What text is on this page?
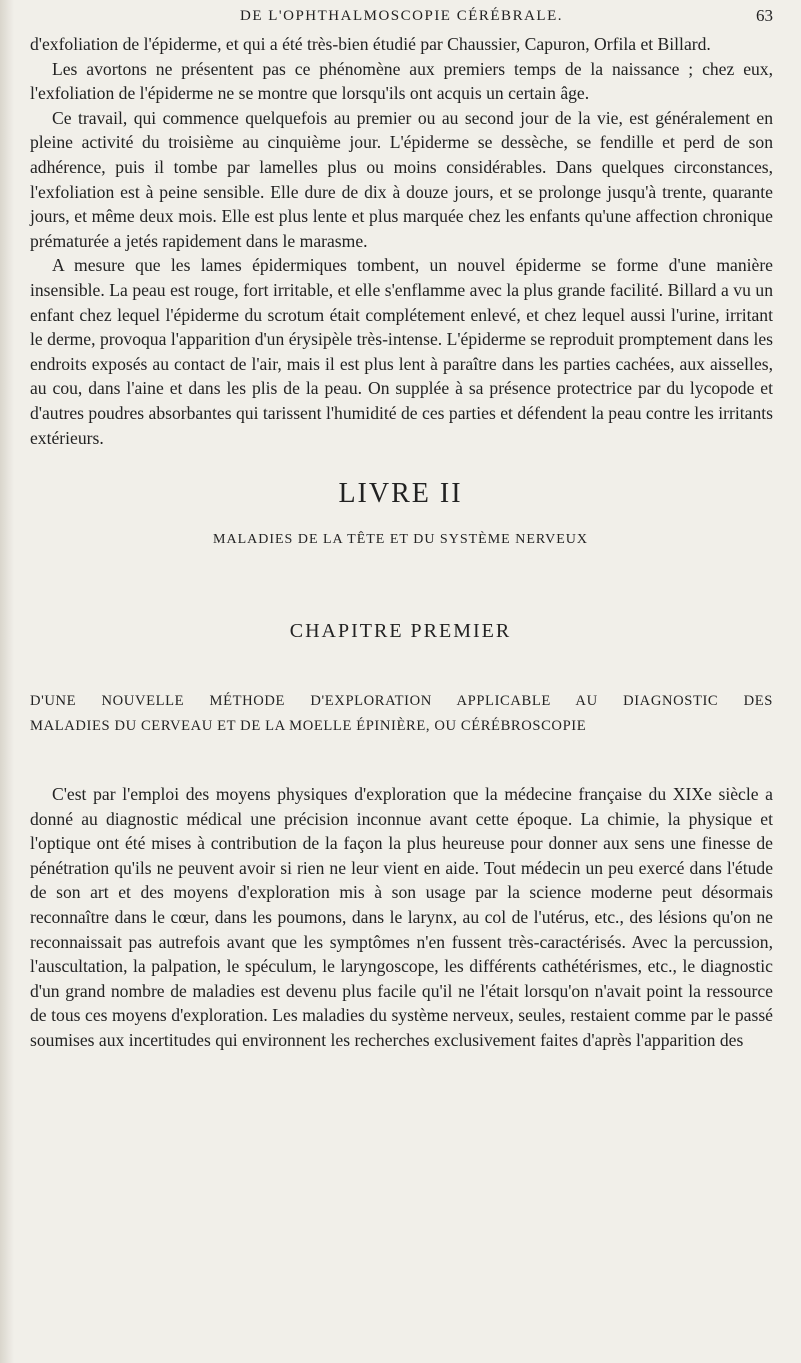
DE L'OPHTHALMOSCOPIE CÉRÉBRALE.	63

d'exfoliation de l'épiderme, et qui a été très-bien étudié par Chaussier, Capuron, Orfila et Billard.

Les avortons ne présentent pas ce phénomène aux premiers temps de la naissance ; chez eux, l'exfoliation de l'épiderme ne se montre que lorsqu'ils ont acquis un certain âge.

Ce travail, qui commence quelquefois au premier ou au second jour de la vie, est généralement en pleine activité du troisième au cinquième jour. L'épiderme se dessèche, se fendille et perd de son adhérence, puis il tombe par lamelles plus ou moins considérables. Dans quelques circonstances, l'exfoliation est à peine sensible. Elle dure de dix à douze jours, et se prolonge jusqu'à trente, quarante jours, et même deux mois. Elle est plus lente et plus marquée chez les enfants qu'une affection chronique prématurée a jetés rapidement dans le marasme.

A mesure que les lames épidermiques tombent, un nouvel épiderme se forme d'une manière insensible. La peau est rouge, fort irritable, et elle s'enflamme avec la plus grande facilité. Billard a vu un enfant chez lequel l'épiderme du scrotum était complétement enlevé, et chez lequel aussi l'urine, irritant le derme, provoqua l'apparition d'un érysipèle très-intense. L'épiderme se reproduit promptement dans les endroits exposés au contact de l'air, mais il est plus lent à paraître dans les parties cachées, aux aisselles, au cou, dans l'aine et dans les plis de la peau. On supplée à sa présence protectrice par du lycopode et d'autres poudres absorbantes qui tarissent l'humidité de ces parties et défendent la peau contre les irritants extérieurs.

LIVRE II
MALADIES DE LA TÊTE ET DU SYSTÈME NERVEUX
CHAPITRE PREMIER
D'UNE NOUVELLE MÉTHODE D'EXPLORATION APPLICABLE AU DIAGNOSTIC DES
MALADIES DU CERVEAU ET DE LA MOELLE ÉPINIÈRE, OU CÉRÉBROSCOPIE

C'est par l'emploi des moyens physiques d'exploration que la médecine française du XIXe siècle a donné au diagnostic médical une précision inconnue avant cette époque. La chimie, la physique et l'optique ont été mises à contribution de la façon la plus heureuse pour donner aux sens une finesse de pénétration qu'ils ne peuvent avoir si rien ne leur vient en aide. Tout médecin un peu exercé dans l'étude de son art et des moyens d'exploration mis à son usage par la science moderne peut désormais reconnaître dans le cœur, dans les poumons, dans le larynx, au col de l'utérus, etc., des lésions qu'on ne reconnaissait pas autrefois avant que les symptômes n'en fussent très-caractérisés. Avec la percussion, l'auscultation, la palpation, le spéculum, le laryngoscope, les différents cathétérismes, etc., le diagnostic d'un grand nombre de maladies est devenu plus facile qu'il ne l'était lorsqu'on n'avait point la ressource de tous ces moyens d'exploration. Les maladies du système nerveux, seules, restaient comme par le passé soumises aux incertitudes qui environnent les recherches exclusivement faites d'après l'apparition des
